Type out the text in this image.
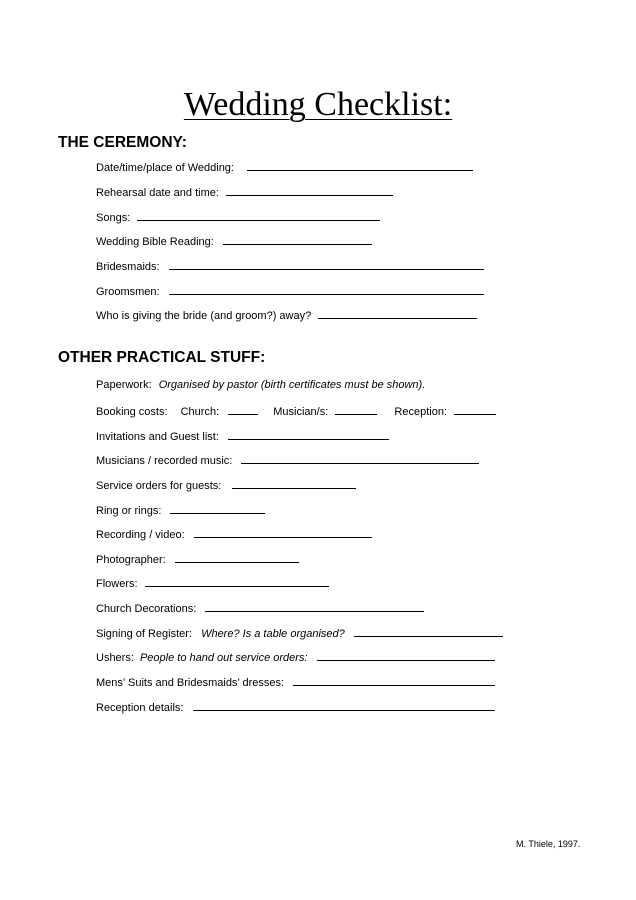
Wedding Checklist:
THE CEREMONY:
Date/time/place of Wedding:
Rehearsal date and time:
Songs:
Wedding Bible Reading:
Bridesmaids:
Groomsmen:
Who is giving the bride (and groom?) away?
OTHER PRACTICAL STUFF:
Paperwork: Organised by pastor (birth certificates must be shown).
Booking costs: Church:	Musician/s:	Reception:
Invitations and Guest list:
Musicians / recorded music:
Service orders for guests:
Ring or rings:
Recording / video:
Photographer:
Flowers:
Church Decorations:
Signing of Register: Where? Is a table organised?
Ushers: People to hand out service orders:
Mens’ Suits and Bridesmaids’ dresses:
Reception details:
M. Thiele, 1997.
